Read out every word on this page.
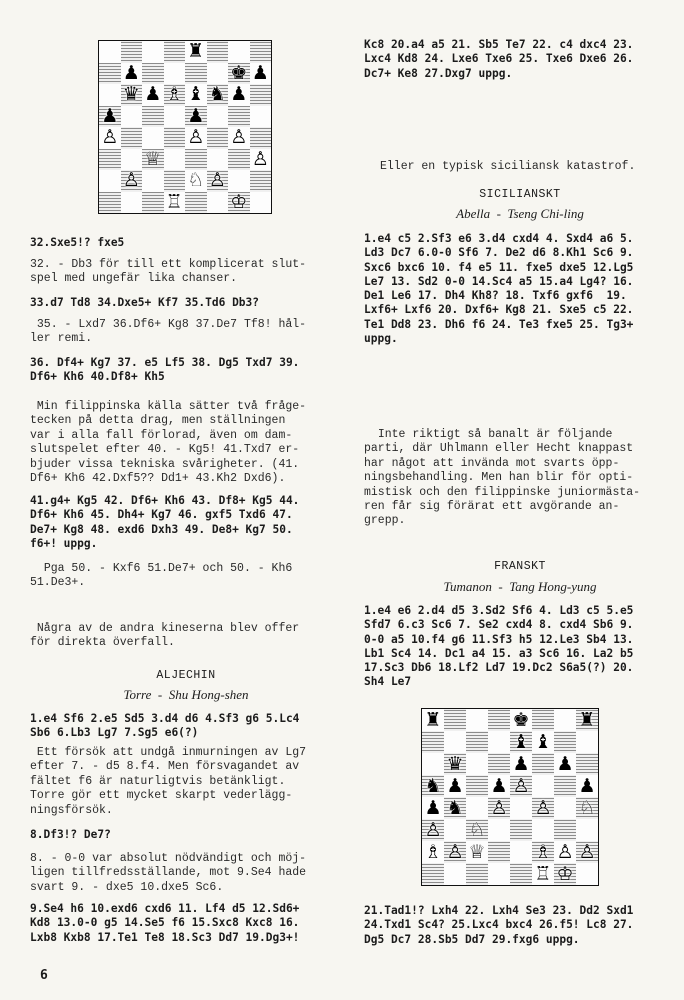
♜
♟	♚ ♟
♛ ♟ ♗ ♝ ♞ ♟
♟	♟
♙	♙ ♙
♕	♙
♙ ♘ ♙
♖ ♔

32.Sxe5!? fxe5

32. - Db3 för till ett komplicerat slut-
spel med ungefär lika chanser.

33.d7 Td8 34.Dxe5+ Kf7 35.Td6 Db3?

35. - Lxd7 36.Df6+ Kg8 37.De7 Tf8! hål-
ler remi.

36. Df4+ Kg7 37. e5 Lf5 38. Dg5 Txd7 39.
Df6+ Kh6 40.Df8+ Kh5

Min filippinska källa sätter två fråge-
tecken på detta drag, men ställningen
var i alla fall förlorad, även om dam-
slutspelet efter 40. - Kg5! 41.Txd7 er-
bjuder vissa tekniska svårigheter. (41.
Df6+ Kh6 42.Dxf5?? Dd1+ 43.Kh2 Dxd6).

41.g4+ Kg5 42. Df6+ Kh6 43. Df8+ Kg5 44.
Df6+ Kh6 45. Dh4+ Kg7 46. gxf5 Txd6 47.
De7+ Kg8 48. exd6 Dxh3 49. De8+ Kg7 50.
f6+! uppg.

Pga 50. - Kxf6 51.De7+ och 50. - Kh6
51.De3+.

Några av de andra kineserna blev offer
för direkta överfall.

ALJECHIN
Torre  -  Shu Hong-shen

1.e4 Sf6 2.e5 Sd5 3.d4 d6 4.Sf3 g6 5.Lc4
Sb6 6.Lb3 Lg7 7.Sg5 e6(?)

Ett försök att undgå inmurningen av Lg7
efter 7. - d5 8.f4. Men försvagandet av
fältet f6 är naturligtvis betänkligt.
Torre gör ett mycket skarpt vederlägg-
ningsförsök.

8.Df3!? De7?

8. - 0-0 var absolut nödvändigt och möj-
ligen tillfredsställande, mot 9.Se4 hade
svart 9. - dxe5 10.dxe5 Sc6.

9.Se4 h6 10.exd6 cxd6 11. Lf4 d5 12.Sd6+
Kd8 13.0-0 g5 14.Se5 f6 15.Sxc8 Kxc8 16.
Lxb8 Kxb8 17.Te1 Te8 18.Sc3 Dd7 19.Dg3+!

6

Kc8 20.a4 a5 21. Sb5 Te7 22. c4 dxc4 23.
Lxc4 Kd8 24. Lxe6 Txe6 25. Txe6 Dxe6 26.
Dc7+ Ke8 27.Dxg7 uppg.

Eller en typisk siciliansk katastrof.

SICILIANSKT
Abella  -  Tseng Chi-ling

1.e4 c5 2.Sf3 e6 3.d4 cxd4 4. Sxd4 a6 5.
Ld3 Dc7 6.0-0 Sf6 7. De2 d6 8.Kh1 Sc6 9.
Sxc6 bxc6 10. f4 e5 11. fxe5 dxe5 12.Lg5
Le7 13. Sd2 0-0 14.Sc4 a5 15.a4 Lg4? 16.
De1 Le6 17. Dh4 Kh8? 18. Txf6 gxf6  19.
Lxf6+ Lxf6 20. Dxf6+ Kg8 21. Sxe5 c5 22.
Te1 Dd8 23. Dh6 f6 24. Te3 fxe5 25. Tg3+
uppg.

Inte riktigt så banalt är följande
parti, där Uhlmann eller Hecht knappast
har något att invända mot svarts öpp-
ningsbehandling. Men han blir för opti-
mistisk och den filippinske juniormästa-
ren får sig förärat ett avgörande an-
grepp.

FRANSKT
Tumanon  -  Tang Hong-yung

1.e4 e6 2.d4 d5 3.Sd2 Sf6 4. Ld3 c5 5.e5
Sfd7 6.c3 Sc6 7. Se2 cxd4 8. cxd4 Sb6 9.
0-0 a5 10.f4 g6 11.Sf3 h5 12.Le3 Sb4 13.
Lb1 Sc4 14. Dc1 a4 15. a3 Sc6 16. La2 b5
17.Sc3 Db6 18.Lf2 Ld7 19.Dc2 S6a5(?) 20.
Sh4 Le7

♜	♚	♜
♝ ♝
♛	♟ ♟
♞ ♟ ♟ ♙	♟
♟ ♞ ♙ ♙ ♘
♙ ♘
♗ ♙ ♕	♗ ♙ ♙
♖ ♔

21.Tad1!? Lxh4 22. Lxh4 Se3 23. Dd2 Sxd1
24.Txd1 Sc4? 25.Lxc4 bxc4 26.f5! Lc8 27.
Dg5 Dc7 28.Sb5 Dd7 29.fxg6 uppg.
